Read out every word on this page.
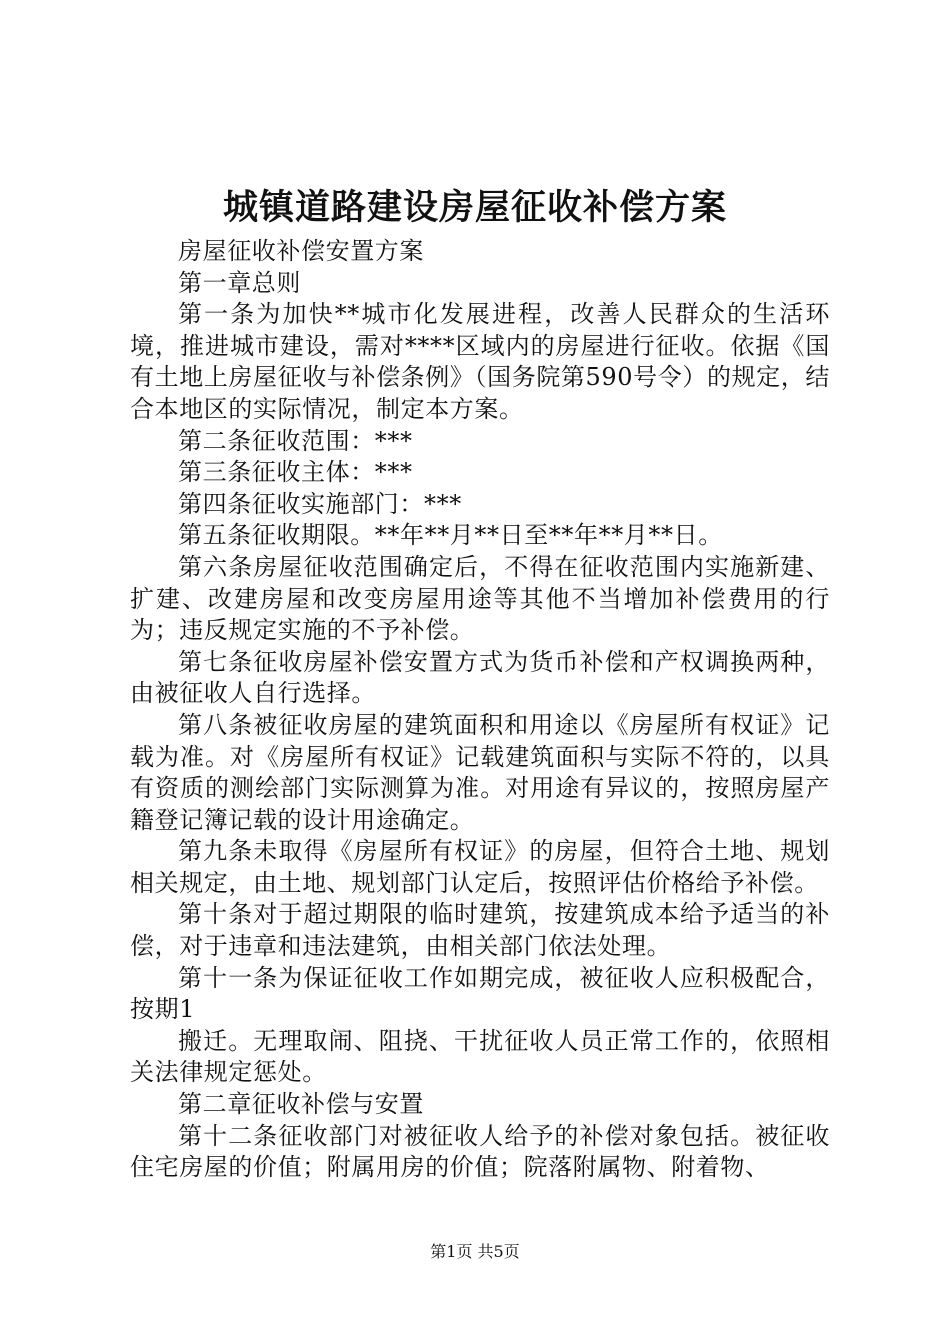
城镇道路建设房屋征收补偿方案

房屋征收补偿安置方案

第一章总则

第一条为加快**城市化发展进程，改善人民群众的生活环境，推进城市建设，需对****区域内的房屋进行征收。依据《国有土地上房屋征收与补偿条例》（国务院第590号令）的规定，结合本地区的实际情况，制定本方案。

第二条征收范围：***

第三条征收主体：***

第四条征收实施部门：***

第五条征收期限。**年**月**日至**年**月**日。

第六条房屋征收范围确定后，不得在征收范围内实施新建、扩建、改建房屋和改变房屋用途等其他不当增加补偿费用的行为；违反规定实施的不予补偿。

第七条征收房屋补偿安置方式为货币补偿和产权调换两种，由被征收人自行选择。

第八条被征收房屋的建筑面积和用途以《房屋所有权证》记载为准。对《房屋所有权证》记载建筑面积与实际不符的，以具有资质的测绘部门实际测算为准。对用途有异议的，按照房屋产籍登记簿记载的设计用途确定。

第九条未取得《房屋所有权证》的房屋，但符合土地、规划相关规定，由土地、规划部门认定后，按照评估价格给予补偿。

第十条对于超过期限的临时建筑，按建筑成本给予适当的补偿，对于违章和违法建筑，由相关部门依法处理。

第十一条为保证征收工作如期完成，被征收人应积极配合，按期1

搬迁。无理取闹、阻挠、干扰征收人员正常工作的，依照相关法律规定惩处。

第二章征收补偿与安置

第十二条征收部门对被征收人给予的补偿对象包括。被征收住宅房屋的价值；附属用房的价值；院落附属物、附着物、

第1页 共5页
